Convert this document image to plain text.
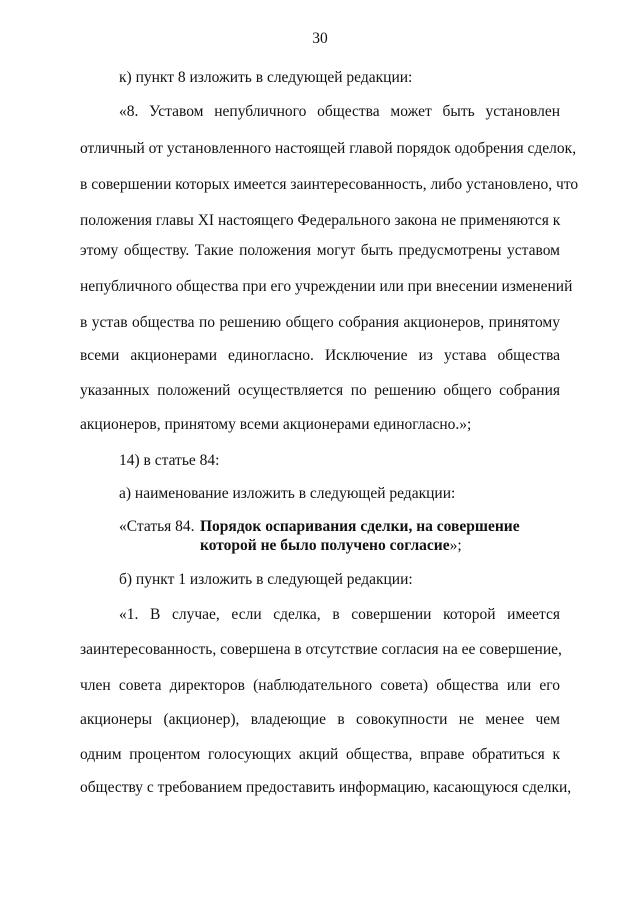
30
к) пункт 8 изложить в следующей редакции:
«8. Уставом непубличного общества может быть установлен
отличный от установленного настоящей главой порядок одобрения сделок,
в совершении которых имеется заинтересованность, либо установлено, что
положения главы XI настоящего Федерального закона не применяются к
этому обществу. Такие положения могут быть предусмотрены уставом
непубличного общества при его учреждении или при внесении изменений
в устав общества по решению общего собрания акционеров, принятому
всеми акционерами единогласно. Исключение из устава общества
указанных положений осуществляется по решению общего собрания
акционеров, принятому всеми акционерами единогласно.»;
14) в статье 84:
а) наименование изложить в следующей редакции:
«Статья 84. Порядок оспаривания сделки, на совершение
которой не было получено согласие»;
б) пункт 1 изложить в следующей редакции:
«1. В случае, если сделка, в совершении которой имеется
заинтересованность, совершена в отсутствие согласия на ее совершение,
член совета директоров (наблюдательного совета) общества или его
акционеры (акционер), владеющие в совокупности не менее чем
одним процентом голосующих акций общества, вправе обратиться к
обществу с требованием предоставить информацию, касающуюся сделки,
